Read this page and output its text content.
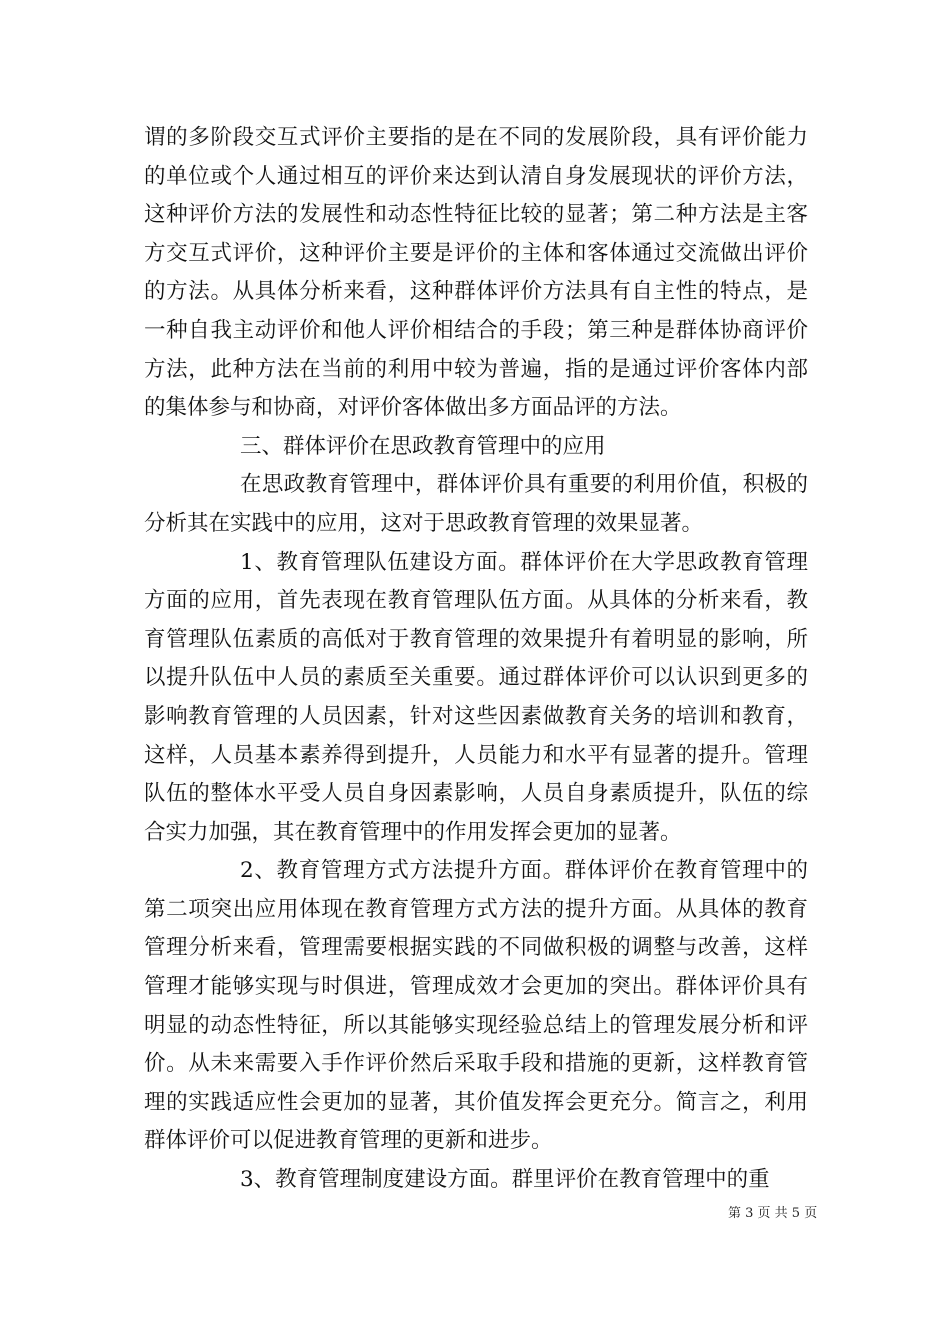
谓的多阶段交互式评价主要指的是在不同的发展阶段，具有评价能力的单位或个人通过相互的评价来达到认清自身发展现状的评价方法，这种评价方法的发展性和动态性特征比较的显著；第二种方法是主客方交互式评价，这种评价主要是评价的主体和客体通过交流做出评价的方法。从具体分析来看，这种群体评价方法具有自主性的特点，是一种自我主动评价和他人评价相结合的手段；第三种是群体协商评价方法，此种方法在当前的利用中较为普遍，指的是通过评价客体内部的集体参与和协商，对评价客体做出多方面品评的方法。

三、群体评价在思政教育管理中的应用

在思政教育管理中，群体评价具有重要的利用价值，积极的分析其在实践中的应用，这对于思政教育管理的效果显著。

1、教育管理队伍建设方面。群体评价在大学思政教育管理方面的应用，首先表现在教育管理队伍方面。从具体的分析来看，教育管理队伍素质的高低对于教育管理的效果提升有着明显的影响，所以提升队伍中人员的素质至关重要。通过群体评价可以认识到更多的影响教育管理的人员因素，针对这些因素做教育关务的培训和教育，这样，人员基本素养得到提升，人员能力和水平有显著的提升。管理队伍的整体水平受人员自身因素影响，人员自身素质提升，队伍的综合实力加强，其在教育管理中的作用发挥会更加的显著。

2、教育管理方式方法提升方面。群体评价在教育管理中的第二项突出应用体现在教育管理方式方法的提升方面。从具体的教育管理分析来看，管理需要根据实践的不同做积极的调整与改善，这样管理才能够实现与时俱进，管理成效才会更加的突出。群体评价具有明显的动态性特征，所以其能够实现经验总结上的管理发展分析和评价。从未来需要入手作评价然后采取手段和措施的更新，这样教育管理的实践适应性会更加的显著，其价值发挥会更充分。简言之，利用群体评价可以促进教育管理的更新和进步。

3、教育管理制度建设方面。群里评价在教育管理中的重

第 3 页 共 5 页
